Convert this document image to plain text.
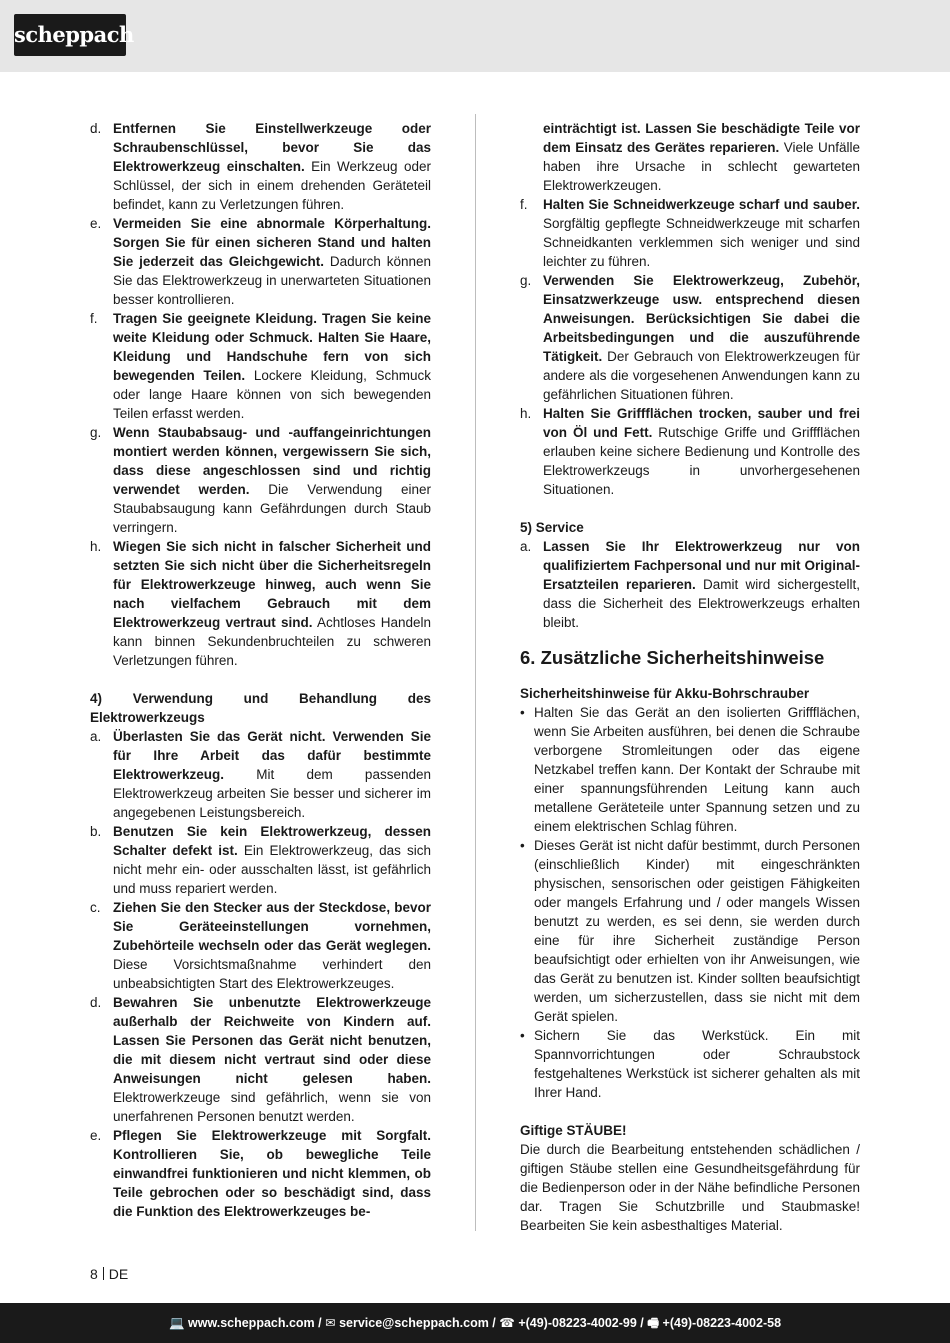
scheppach
d. Entfernen Sie Einstellwerkzeuge oder Schraubenschlüssel, bevor Sie das Elektrowerkzeug einschalten. Ein Werkzeug oder Schlüssel, der sich in einem drehenden Geräteteil befindet, kann zu Verletzungen führen.
e. Vermeiden Sie eine abnormale Körperhaltung. Sorgen Sie für einen sicheren Stand und halten Sie jederzeit das Gleichgewicht. Dadurch können Sie das Elektrowerkzeug in unerwarteten Situationen besser kontrollieren.
f.	Tragen Sie geeignete Kleidung. Tragen Sie keine weite Kleidung oder Schmuck. Halten Sie Haare, Kleidung und Handschuhe fern von sich bewegenden Teilen. Lockere Kleidung, Schmuck oder lange Haare können von sich bewegenden Teilen erfasst werden.
g. Wenn Staubabsaug- und -auffangeinrichtungen montiert werden können, vergewissern Sie sich, dass diese angeschlossen sind und richtig verwendet werden. Die Verwendung einer Staubabsaugung kann Gefährdungen durch Staub verringern.
h. Wiegen Sie sich nicht in falscher Sicherheit und setzten Sie sich nicht über die Sicherheitsregeln für Elektrowerkzeuge hinweg, auch wenn Sie nach vielfachem Gebrauch mit dem Elektrowerkzeug vertraut sind. Achtloses Handeln kann binnen Sekundenbruchteilen zu schweren Verletzungen führen.
4) Verwendung und Behandlung des Elektrowerkzeugs
a. Überlasten Sie das Gerät nicht. Verwenden Sie für Ihre Arbeit das dafür bestimmte Elektrowerkzeug. Mit dem passenden Elektrowerkzeug arbeiten Sie besser und sicherer im angegebenen Leistungsbereich.
b. Benutzen Sie kein Elektrowerkzeug, dessen Schalter defekt ist. Ein Elektrowerkzeug, das sich nicht mehr ein- oder ausschalten lässt, ist gefährlich und muss repariert werden.
c. Ziehen Sie den Stecker aus der Steckdose, bevor Sie Geräteeinstellungen vornehmen, Zubehörteile wechseln oder das Gerät weglegen. Diese Vorsichtsmaßnahme verhindert den unbeabsichtigten Start des Elektrowerkzeuges.
d. Bewahren Sie unbenutzte Elektrowerkzeuge außerhalb der Reichweite von Kindern auf. Lassen Sie Personen das Gerät nicht benutzen, die mit diesem nicht vertraut sind oder diese Anweisungen nicht gelesen haben. Elektrowerkzeuge sind gefährlich, wenn sie von unerfahrenen Personen benutzt werden.
e. Pflegen Sie Elektrowerkzeuge mit Sorgfalt. Kontrollieren Sie, ob bewegliche Teile einwandfrei funktionieren und nicht klemmen, ob Teile gebrochen oder so beschädigt sind, dass die Funktion des Elektrowerkzeuges be-
einträchtigt ist. Lassen Sie beschädigte Teile vor dem Einsatz des Gerätes reparieren. Viele Unfälle haben ihre Ursache in schlecht gewarteten Elektrowerkzeugen.
f.	Halten Sie Schneidwerkzeuge scharf und sauber. Sorgfältig gepflegte Schneidwerkzeuge mit scharfen Schneidkanten verklemmen sich weniger und sind leichter zu führen.
g. Verwenden Sie Elektrowerkzeug, Zubehör, Einsatzwerkzeuge usw. entsprechend diesen Anweisungen. Berücksichtigen Sie dabei die Arbeitsbedingungen und die auszuführende Tätigkeit. Der Gebrauch von Elektrowerkzeugen für andere als die vorgesehenen Anwendungen kann zu gefährlichen Situationen führen.
h. Halten Sie Griffflächen trocken, sauber und frei von Öl und Fett. Rutschige Griffe und Griffflächen erlauben keine sichere Bedienung und Kontrolle des Elektrowerkzeugs in unvorhergesehenen Situationen.
5) Service
a. Lassen Sie Ihr Elektrowerkzeug nur von qualifiziertem Fachpersonal und nur mit Original-Ersatzteilen reparieren. Damit wird sichergestellt, dass die Sicherheit des Elektrowerkzeugs erhalten bleibt.
6. Zusätzliche Sicherheitshinweise
Sicherheitshinweise für Akku-Bohrschrauber
• Halten Sie das Gerät an den isolierten Griffflächen, wenn Sie Arbeiten ausführen, bei denen die Schraube verborgene Stromleitungen oder das eigene Netzkabel treffen kann. Der Kontakt der Schraube mit einer spannungsführenden Leitung kann auch metallene Geräteteile unter Spannung setzen und zu einem elektrischen Schlag führen.
• Dieses Gerät ist nicht dafür bestimmt, durch Personen (einschließlich Kinder) mit eingeschränkten physischen, sensorischen oder geistigen Fähigkeiten oder mangels Erfahrung und / oder mangels Wissen benutzt zu werden, es sei denn, sie werden durch eine für ihre Sicherheit zuständige Person beaufsichtigt oder erhielten von ihr Anweisungen, wie das Gerät zu benutzen ist. Kinder sollten beaufsichtigt werden, um sicherzustellen, dass sie nicht mit dem Gerät spielen.
• Sichern Sie das Werkstück. Ein mit Spannvorrichtungen oder Schraubstock festgehaltenes Werkstück ist sicherer gehalten als mit Ihrer Hand.
Giftige STÄUBE!
Die durch die Bearbeitung entstehenden schädlichen / giftigen Stäube stellen eine Gesundheitsgefährdung für die Bedienperson oder in der Nähe befindliche Personen dar. Tragen Sie Schutzbrille und Staubmaske! Bearbeiten Sie kein asbesthaltiges Material.
8 DE
💻 www.scheppach.com / ✉ service@scheppach.com / ☎ +(49)-08223-4002-99 / 🖷 +(49)-08223-4002-58
